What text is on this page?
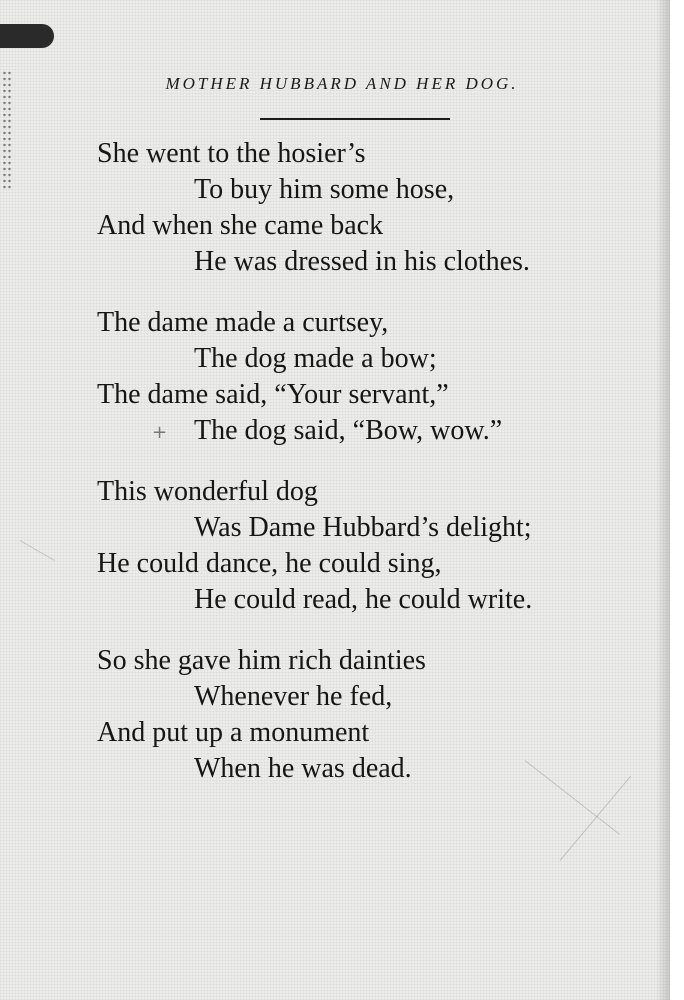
+
MOTHER HUBBARD AND HER DOG.
She went to the hosier’s
To buy him some hose,
And when she came back
He was dressed in his clothes.
The dame made a curtsey,
The dog made a bow;
The dame said, “Your servant,”
The dog said, “Bow, wow.”
This wonderful dog
Was Dame Hubbard’s delight;
He could dance, he could sing,
He could read, he could write.
So she gave him rich dainties
Whenever he fed,
And put up a monument
When he was dead.
